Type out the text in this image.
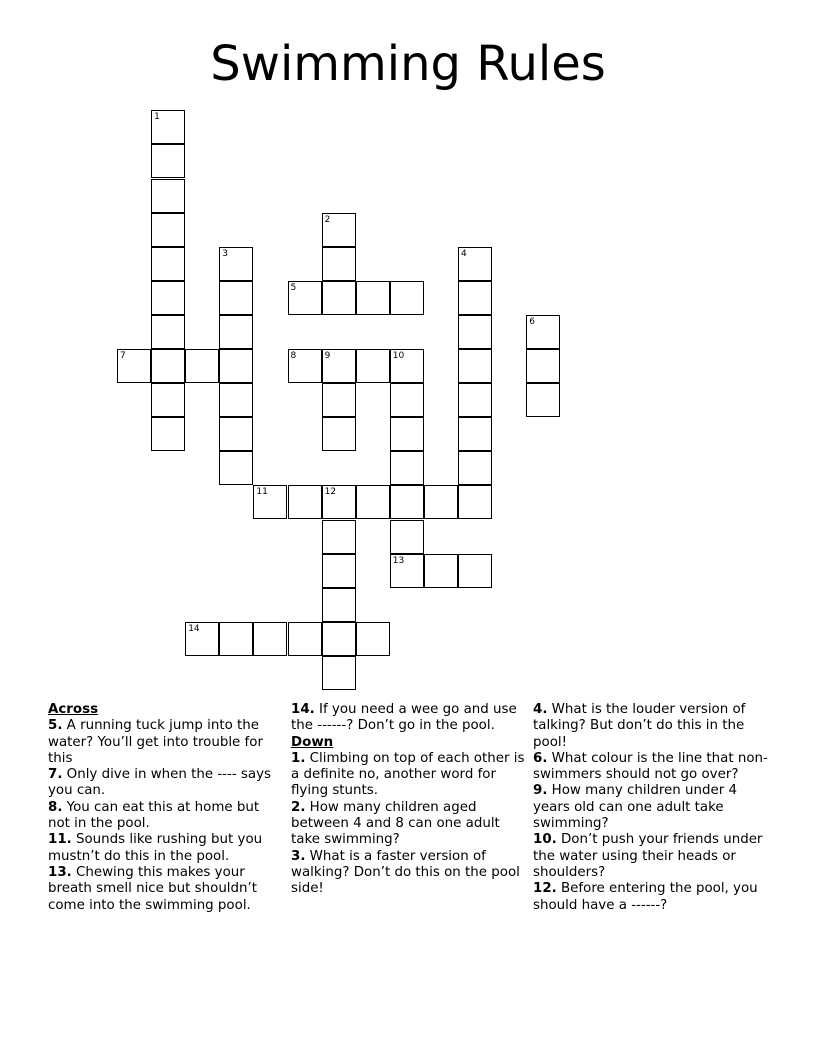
Swimming Rules
1
2
3	4
5
6
7	8	9	10
11	12
13
14
Across
5. A running tuck jump into the water? You’ll get into trouble for this
7. Only dive in when the ---- says you can.
8. You can eat this at home but not in the pool.
11. Sounds like rushing but you mustn’t do this in the pool.
13. Chewing this makes your breath smell nice but shouldn’t come into the swimming pool.
14. If you need a wee go and use the ------? Don’t go in the pool.
Down
1. Climbing on top of each other is a definite no, another word for flying stunts.
2. How many children aged between 4 and 8 can one adult take swimming?
3. What is a faster version of walking? Don’t do this on the pool side!
4. What is the louder version of talking? But don’t do this in the pool!
6. What colour is the line that non-swimmers should not go over?
9. How many children under 4 years old can one adult take swimming?
10. Don’t push your friends under the water using their heads or shoulders?
12. Before entering the pool, you should have a ------?
